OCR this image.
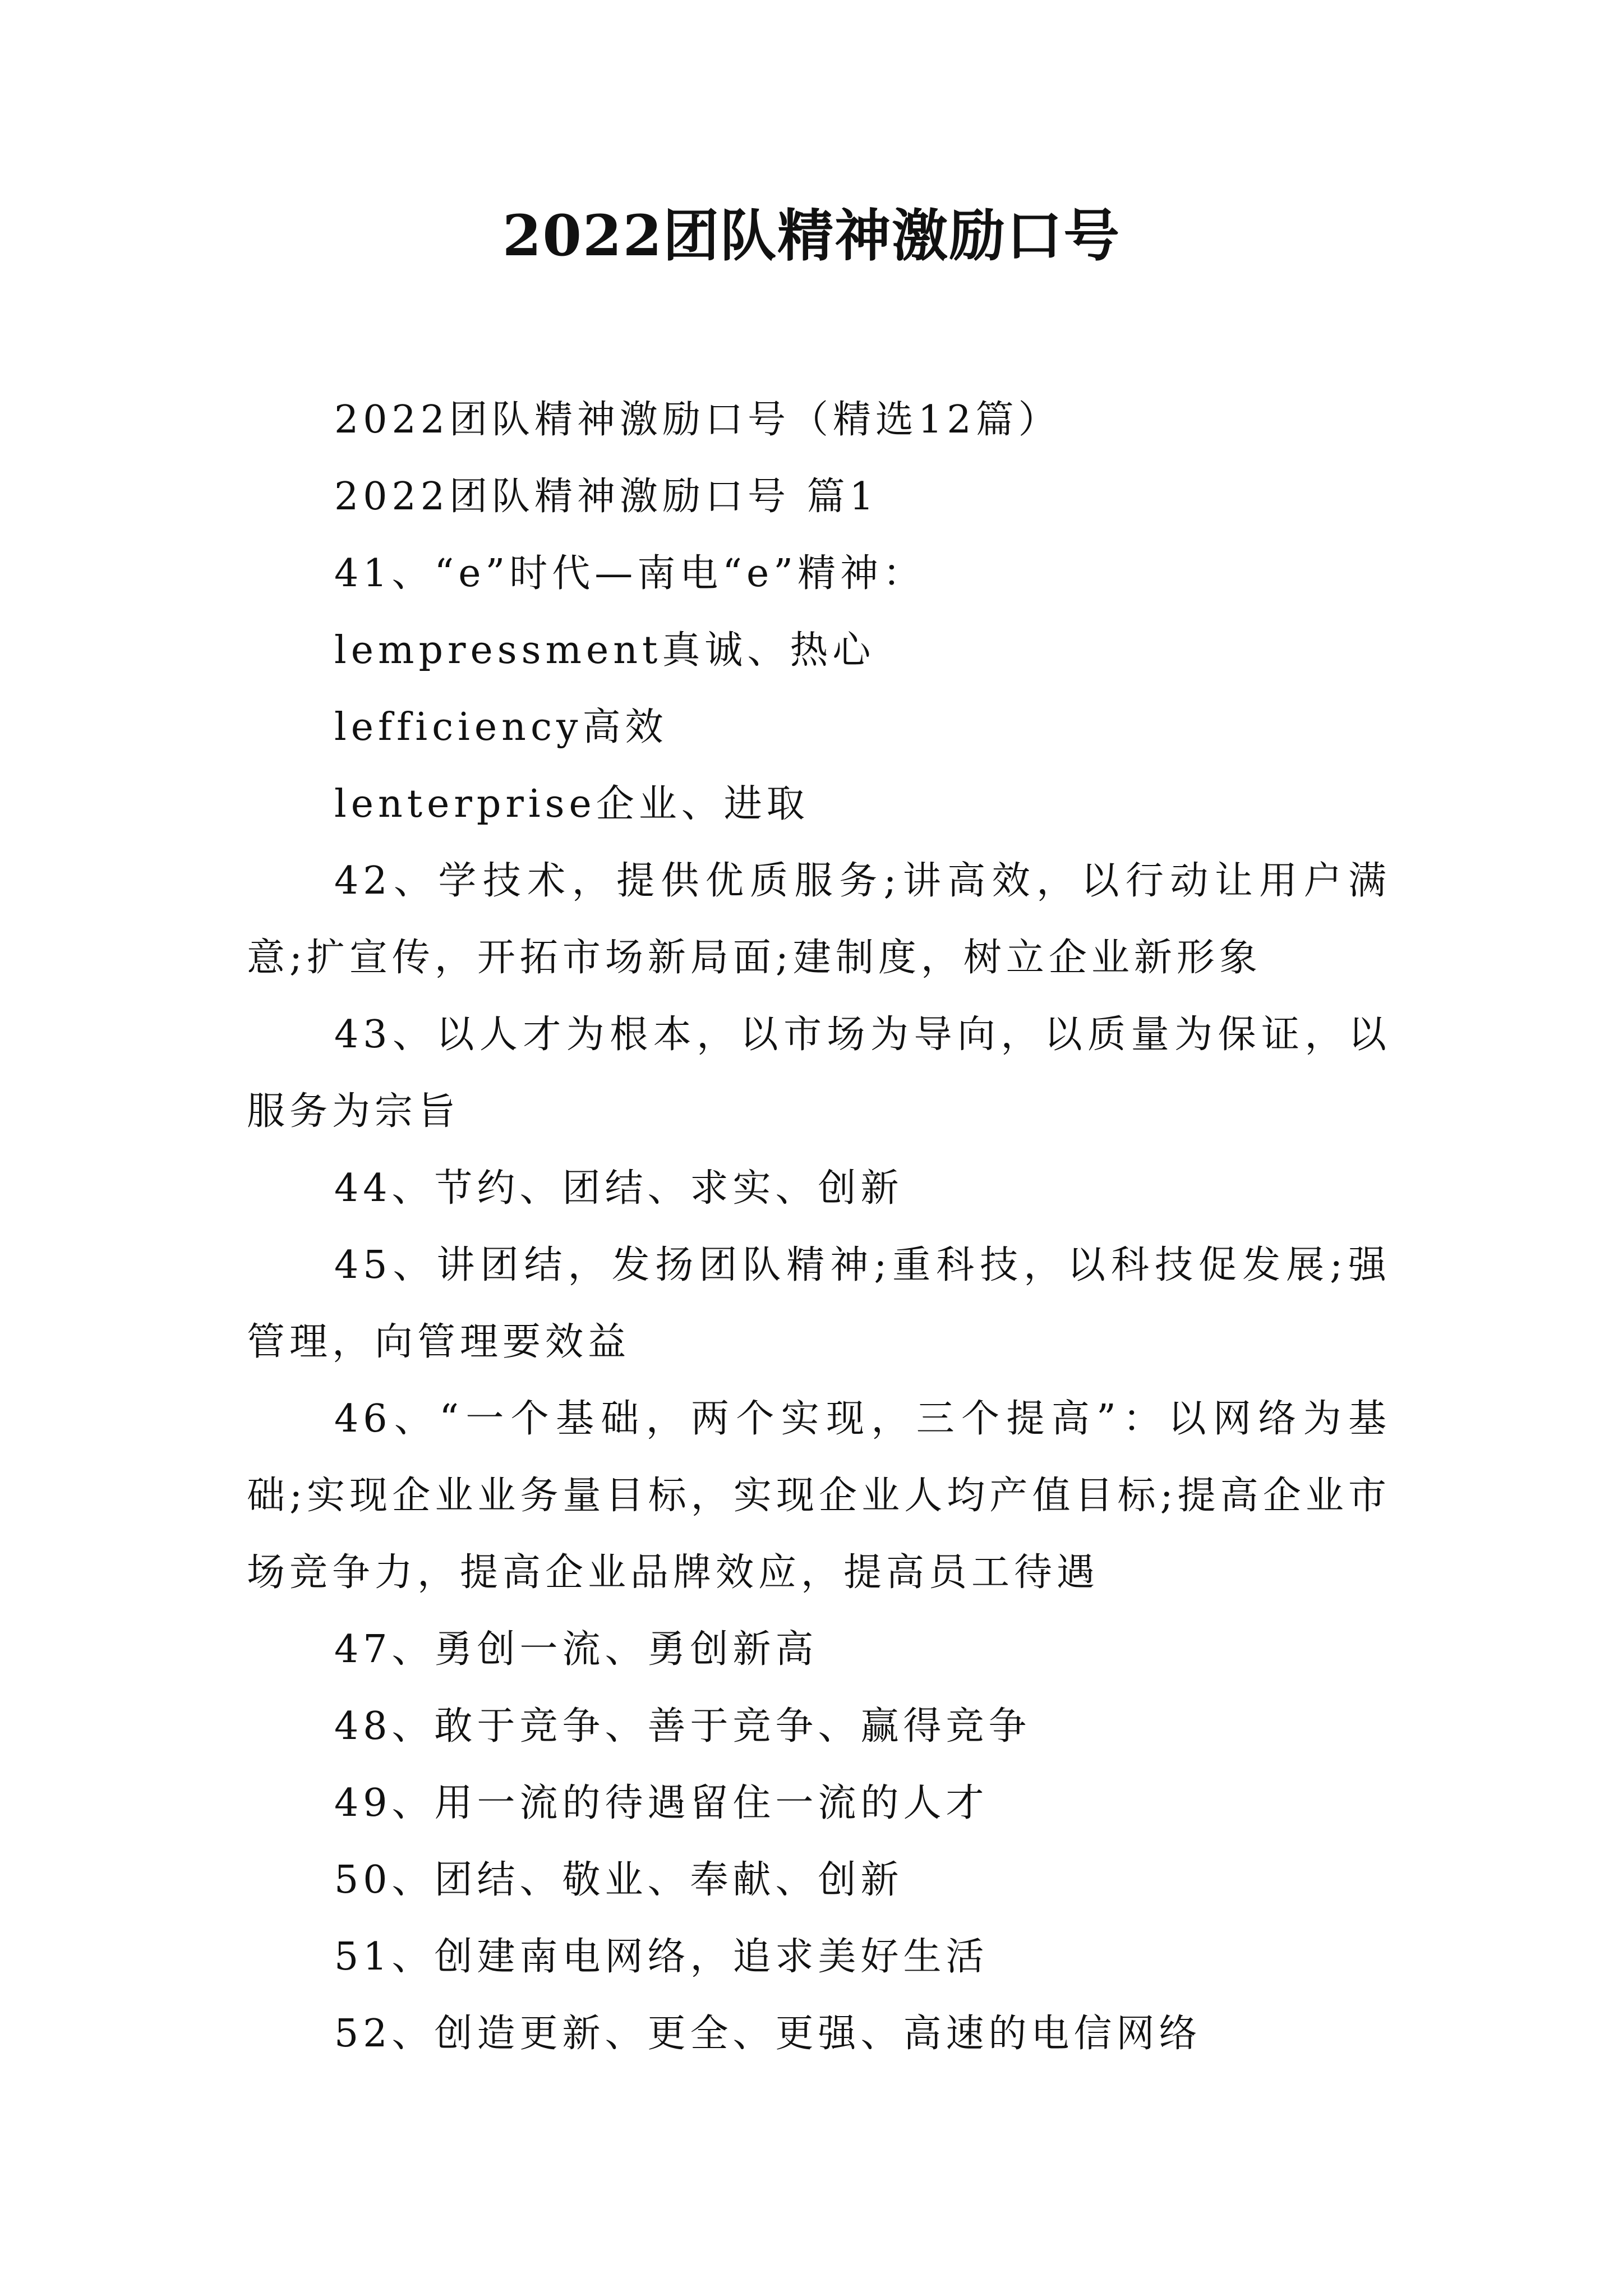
2022团队精神激励口号

2022团队精神激励口号（精选12篇）

2022团队精神激励口号 篇1

41、“e”时代—南电“e”精神：

lempressment真诚、热心

lefficiency高效

lenterprise企业、进取

42、学技术，提供优质服务;讲高效，以行动让用户满意;扩宣传，开拓市场新局面;建制度，树立企业新形象

43、以人才为根本，以市场为导向，以质量为保证，以服务为宗旨

44、节约、团结、求实、创新

45、讲团结，发扬团队精神;重科技，以科技促发展;强管理，向管理要效益

46、“一个基础，两个实现，三个提高”：以网络为基础;实现企业业务量目标，实现企业人均产值目标;提高企业市场竞争力，提高企业品牌效应，提高员工待遇

47、勇创一流、勇创新高

48、敢于竞争、善于竞争、赢得竞争

49、用一流的待遇留住一流的人才

50、团结、敬业、奉献、创新

51、创建南电网络，追求美好生活

52、创造更新、更全、更强、高速的电信网络
